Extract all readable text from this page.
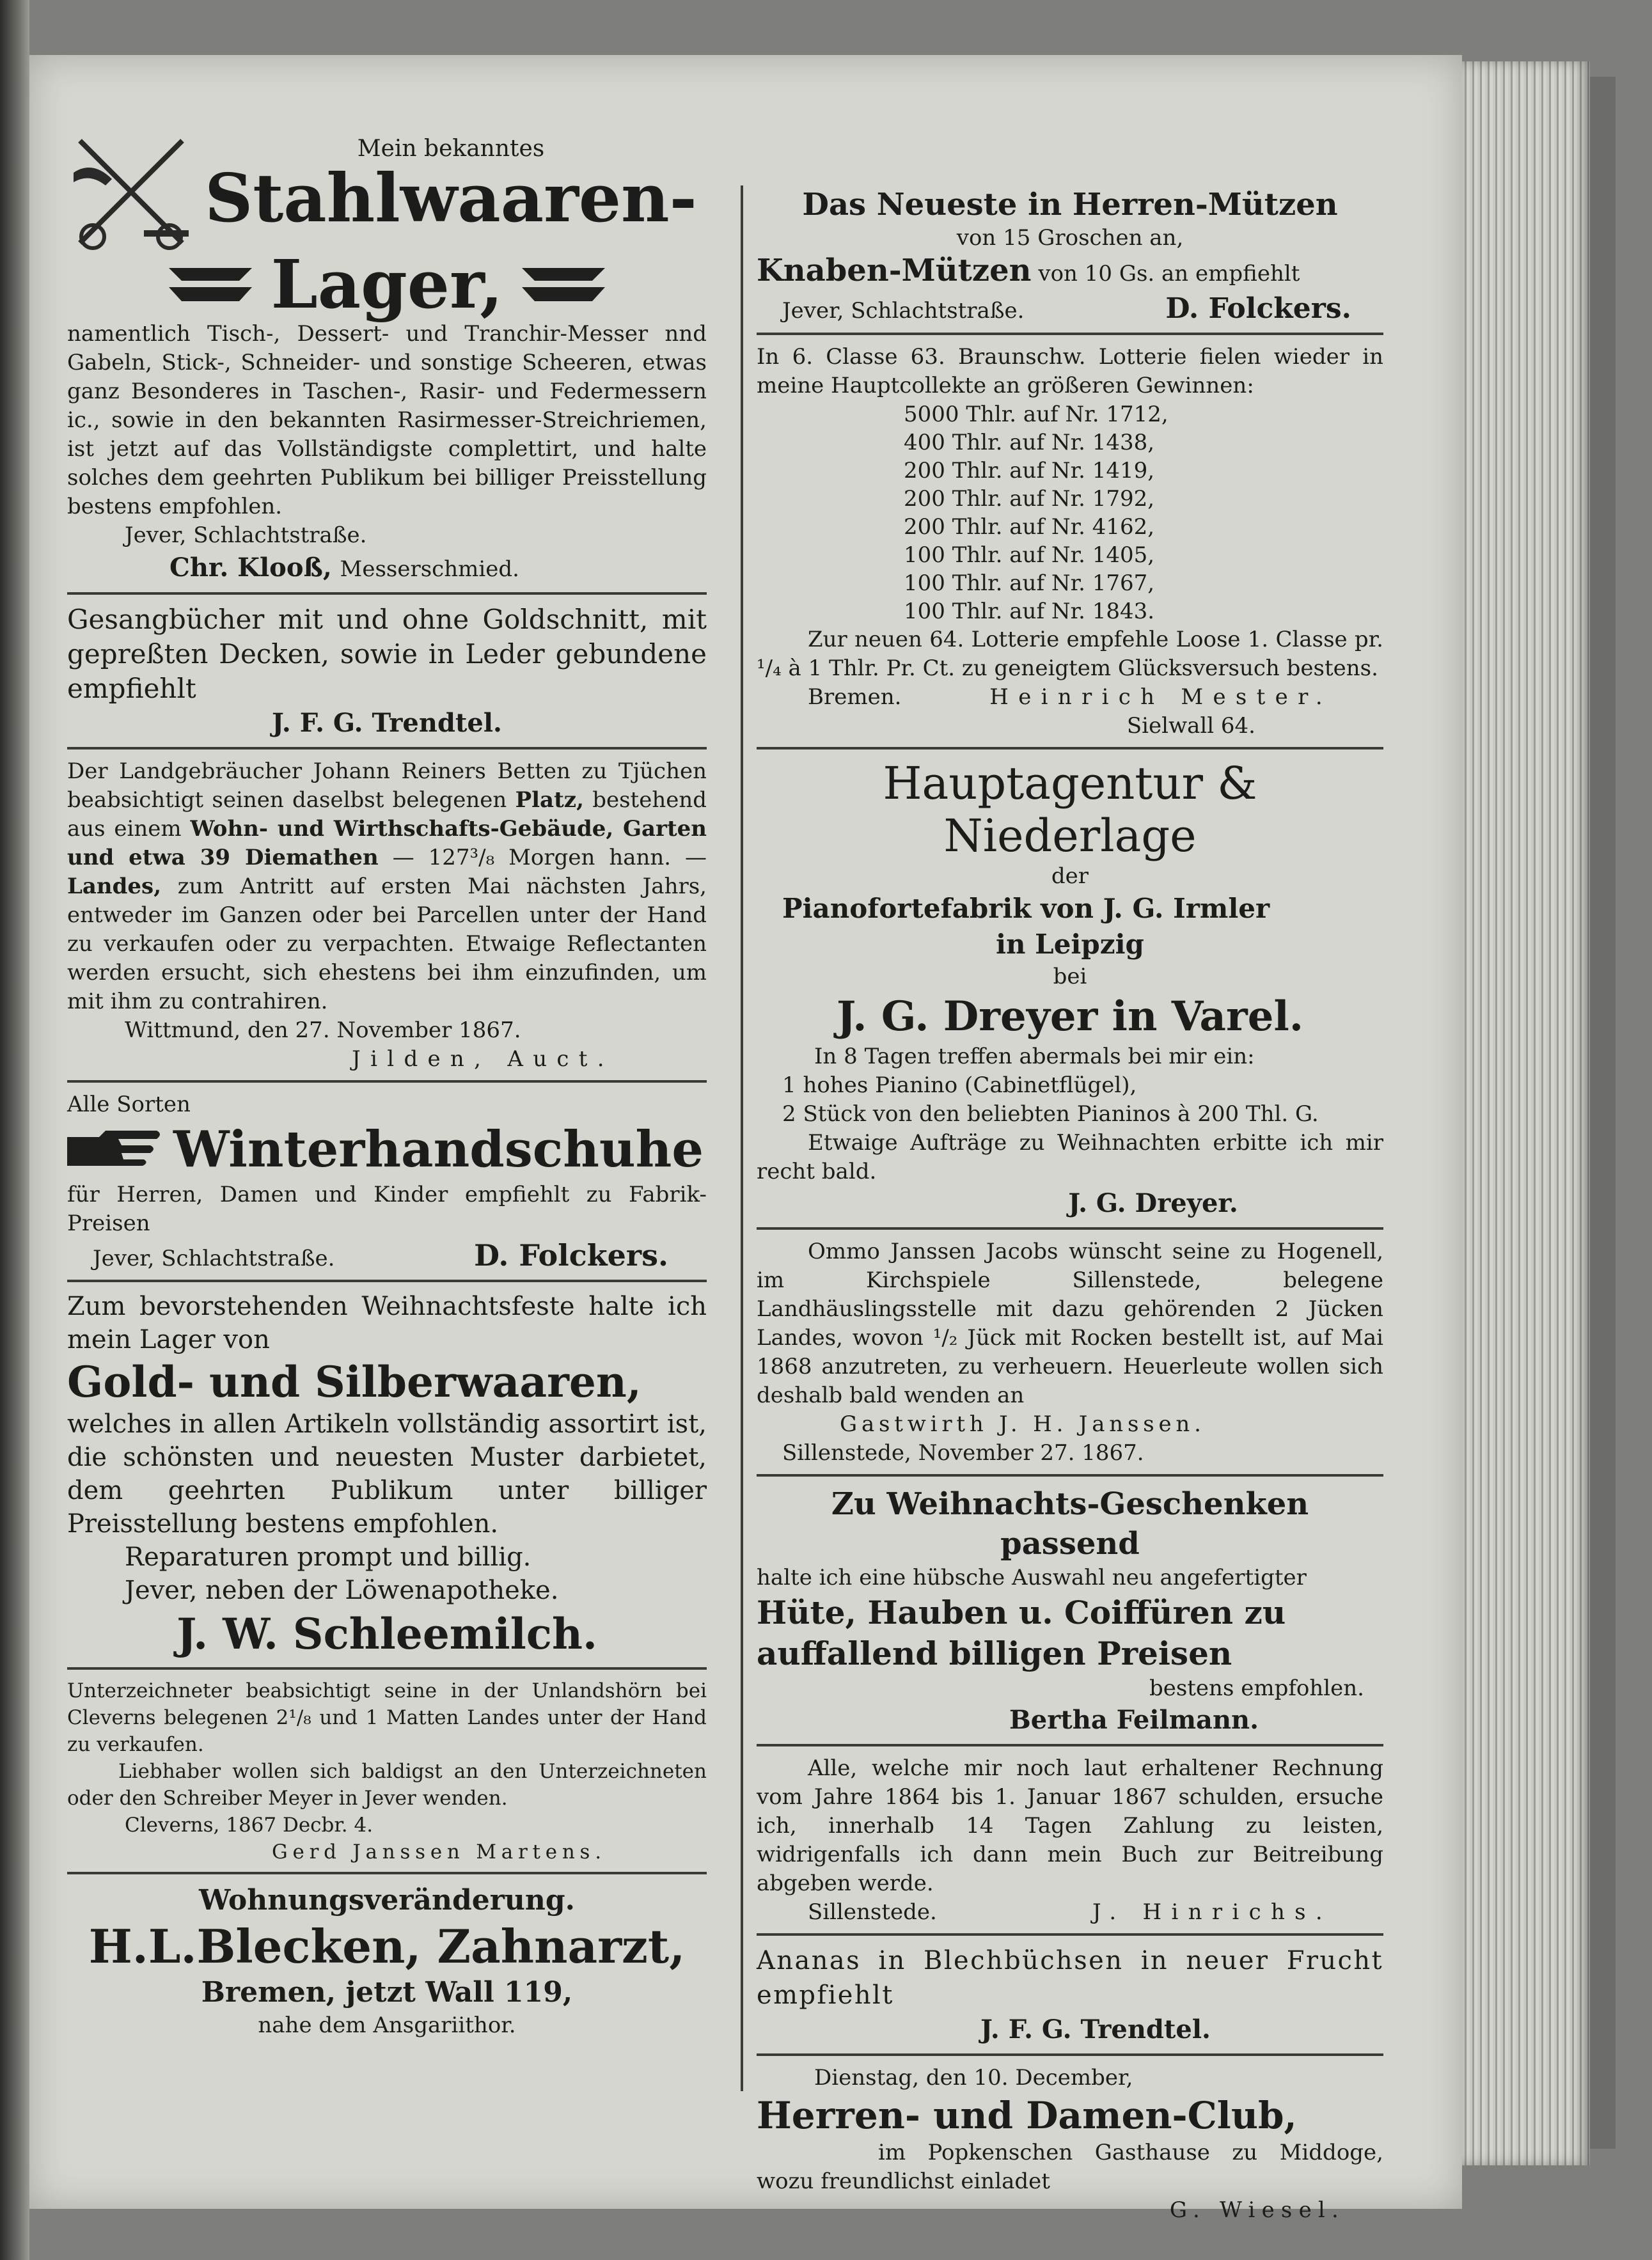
Mein bekanntes

Stahlwaaren-

Lager,

namentlich Tisch-, Dessert- und Tranchir-Messer nnd Gabeln, Stick-, Schneider- und sonstige Scheeren, etwas ganz Besonderes in Taschen-, Rasir- und Federmessern ic., sowie in den bekannten Rasirmesser-Streichriemen, ist jetzt auf das Vollständigste complettirt, und halte solches dem geehrten Publikum bei billiger Preisstellung bestens empfohlen.

Jever, Schlachtstraße.

Chr. Klooß, Messerschmied.

Gesangbücher mit und ohne Goldschnitt, mit gepreßten Decken, sowie in Leder gebundene empfiehlt

J. F. G. Trendtel.

Der Landgebräucher Johann Reiners Betten zu Tjüchen beabsichtigt seinen daselbst belegenen Platz, bestehend aus einem Wohn- und Wirthschafts-Gebäude, Garten und etwa 39 Diemathen — 127³/₈ Morgen hann. — Landes, zum Antritt auf ersten Mai nächsten Jahrs, entweder im Ganzen oder bei Parcellen unter der Hand zu verkaufen oder zu verpachten. Etwaige Reflectanten werden ersucht, sich ehestens bei ihm einzufinden, um mit ihm zu contrahiren.

Wittmund, den 27. November 1867.

Jilden, Auct.

Alle Sorten

Winterhandschuhe

für Herren, Damen und Kinder empfiehlt zu Fabrik-Preisen

Jever, Schlachtstraße.	D. Folckers.

Zum bevorstehenden Weihnachtsfeste halte ich mein Lager von

Gold- und Silberwaaren,

welches in allen Artikeln vollständig assortirt ist, die schönsten und neuesten Muster darbietet, dem geehrten Publikum unter billiger Preisstellung bestens empfohlen.

Reparaturen prompt und billig.

Jever, neben der Löwenapotheke.

J. W. Schleemilch.

Unterzeichneter beabsichtigt seine in der Unlandshörn bei Cleverns belegenen 2¹/₈ und 1 Matten Landes unter der Hand zu verkaufen.

Liebhaber wollen sich baldigst an den Unterzeichneten oder den Schreiber Meyer in Jever wenden.

Cleverns, 1867 Decbr. 4.

Gerd Janssen Martens.

Wohnungsveränderung.

H.L.Blecken, Zahnarzt,

Bremen, jetzt Wall 119,

nahe dem Ansgariithor.

Das Neueste in Herren-Mützen

von 15 Groschen an,

Knaben-Mützen von 10 Gs. an empfiehlt

Jever, Schlachtstraße.	D. Folckers.

In 6. Classe 63. Braunschw. Lotterie fielen wieder in meine Hauptcollekte an größeren Gewinnen:

5000 Thlr. auf Nr. 1712,

400 Thlr. auf Nr. 1438,

200 Thlr. auf Nr. 1419,

200 Thlr. auf Nr. 1792,

200 Thlr. auf Nr. 4162,

100 Thlr. auf Nr. 1405,

100 Thlr. auf Nr. 1767,

100 Thlr. auf Nr. 1843.

Zur neuen 64. Lotterie empfehle Loose 1. Classe pr. ¹/₄ à 1 Thlr. Pr. Ct. zu geneigtem Glücksversuch bestens.

Bremen.	Heinrich Mester.

Sielwall 64.

Hauptagentur & Niederlage

der

Pianofortefabrik von J. G. Irmler

in Leipzig

bei

J. G. Dreyer in Varel.

In 8 Tagen treffen abermals bei mir ein:

1 hohes Pianino (Cabinetflügel),

2 Stück von den beliebten Pianinos à 200 Thl. G.

Etwaige Aufträge zu Weihnachten erbitte ich mir recht bald.

J. G. Dreyer.

Ommo Janssen Jacobs wünscht seine zu Hogenell, im Kirchspiele Sillenstede, belegene Landhäuslingsstelle mit dazu gehörenden 2 Jücken Landes, wovon ¹/₂ Jück mit Rocken bestellt ist, auf Mai 1868 anzutreten, zu verheuern. Heuerleute wollen sich deshalb bald wenden an

Gastwirth J. H. Janssen.

Sillenstede, November 27. 1867.

Zu Weihnachts-Geschenken passend

halte ich eine hübsche Auswahl neu angefertigter

Hüte, Hauben u. Coiffüren zu auffallend billigen Preisen

bestens empfohlen.

Bertha Feilmann.

Alle, welche mir noch laut erhaltener Rechnung vom Jahre 1864 bis 1. Januar 1867 schulden, ersuche ich, innerhalb 14 Tagen Zahlung zu leisten, widrigenfalls ich dann mein Buch zur Beitreibung abgeben werde.

Sillenstede.	J. Hinrichs.

Ananas in Blechbüchsen in neuer Frucht empfiehlt

J. F. G. Trendtel.

Dienstag, den 10. December,

Herren- und Damen-Club,

im Popkenschen Gasthause zu Middoge, wozu freundlichst einladet

G. Wiesel.
